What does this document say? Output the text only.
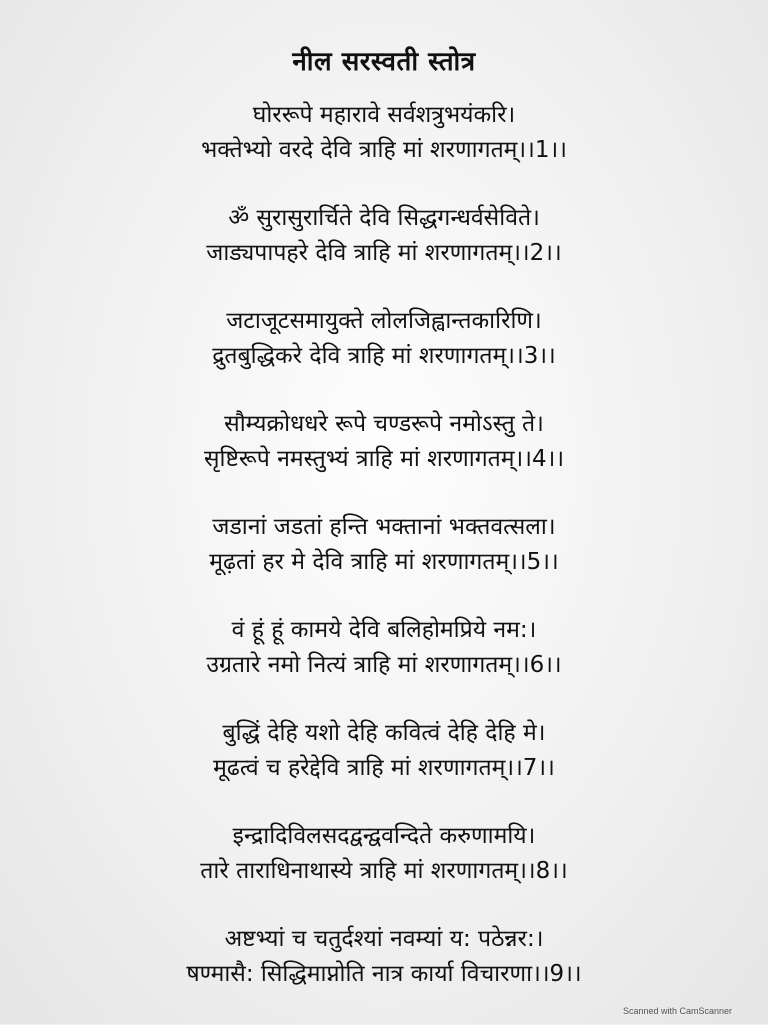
नील सरस्वती स्तोत्र
घोररूपे महारावे सर्वशत्रुभयंकरि।
भक्तेभ्यो वरदे देवि त्राहि मां शरणागतम्।।1।।
ॐ सुरासुरार्चिते देवि सिद्धगन्धर्वसेविते।
जाड्यपापहरे देवि त्राहि मां शरणागतम्।।2।।
जटाजूटसमायुक्ते लोलजिह्वान्तकारिणि।
द्रुतबुद्धिकरे देवि त्राहि मां शरणागतम्।।3।।
सौम्यक्रोधधरे रूपे चण्डरूपे नमोऽस्तु ते।
सृष्टिरूपे नमस्तुभ्यं त्राहि मां शरणागतम्।।4।।
जडानां जडतां हन्ति भक्तानां भक्तवत्सला।
मूढ़तां हर मे देवि त्राहि मां शरणागतम्।।5।।
वं हूं हूं कामये देवि बलिहोमप्रिये नम:।
उग्रतारे नमो नित्यं त्राहि मां शरणागतम्।।6।।
बुद्धिं देहि यशो देहि कवित्वं देहि देहि मे।
मूढत्वं च हरेद्देवि त्राहि मां शरणागतम्।।7।।
इन्द्रादिविलसदद्वन्द्ववन्दिते करुणामयि।
तारे ताराधिनाथास्ये त्राहि मां शरणागतम्।।8।।
अष्टभ्यां च चतुर्दश्यां नवम्यां य: पठेन्नर:।
षण्मासै: सिद्धिमाप्नोति नात्र कार्या विचारणा।।9।।
Scanned with CamScanner
